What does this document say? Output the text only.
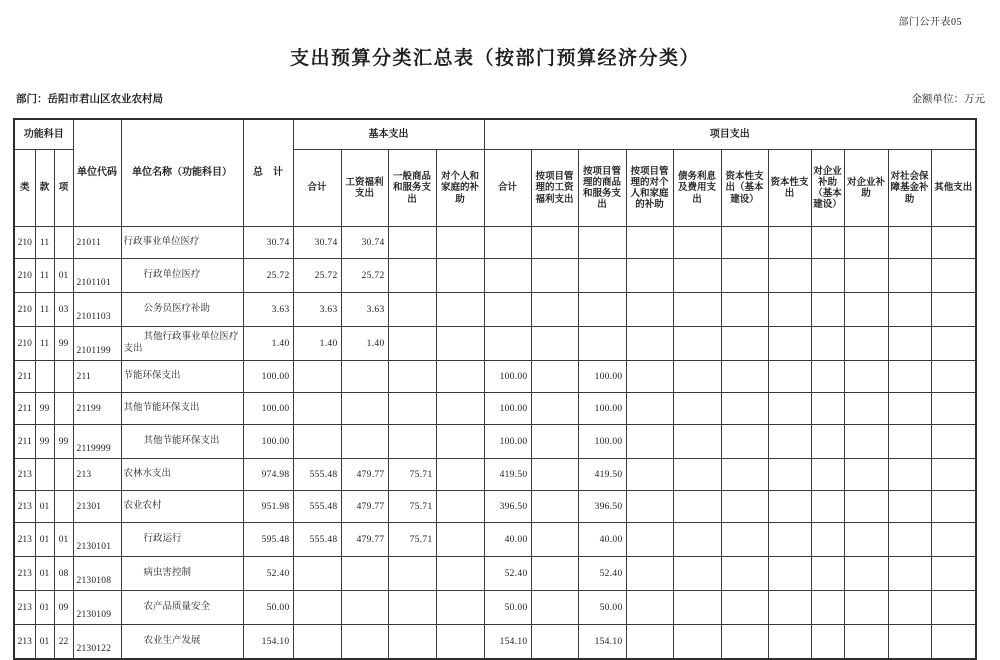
部门公开表05
支出预算分类汇总表（按部门预算经济分类）
部门：岳阳市君山区农业农村局	金额单位：万元
功能科目			单位代码	单位名称（功能科目）	总　计	基本支出				项目支出										
类	款	项				合计	工资福利支出	一般商品和服务支出	对个人和家庭的补助	合计	按项目管理的工资福利支出	按项目管理的商品和服务支出	按项目管理的对个人和家庭的补助	债务利息及费用支出	资本性支出（基本建设）	资本性支出	对企业补助（基本建设）	对企业补助	对社会保障基金补助	其他支出
210	11		21011	行政事业单位医疗	30.74	30.74	30.74													
210	11	01	2101101	行政单位医疗	25.72	25.72	25.72													
210	11	03	2101103	公务员医疗补助	3.63	3.63	3.63													
210	11	99	2101199	其他行政事业单位医疗支出	1.40	1.40	1.40													
211			211	节能环保支出	100.00					100.00		100.00								
211	99		21199	其他节能环保支出	100.00					100.00		100.00								
211	99	99	2119999	其他节能环保支出	100.00					100.00		100.00								
213			213	农林水支出	974.98	555.48	479.77	75.71		419.50		419.50								
213	01		21301	农业农村	951.98	555.48	479.77	75.71		396.50		396.50								
213	01	01	2130101	行政运行	595.48	555.48	479.77	75.71		40.00		40.00								
213	01	08	2130108	病虫害控制	52.40					52.40		52.40								
213	01	09	2130109	农产品质量安全	50.00					50.00		50.00								
213	01	22	2130122	农业生产发展	154.10					154.10		154.10								
